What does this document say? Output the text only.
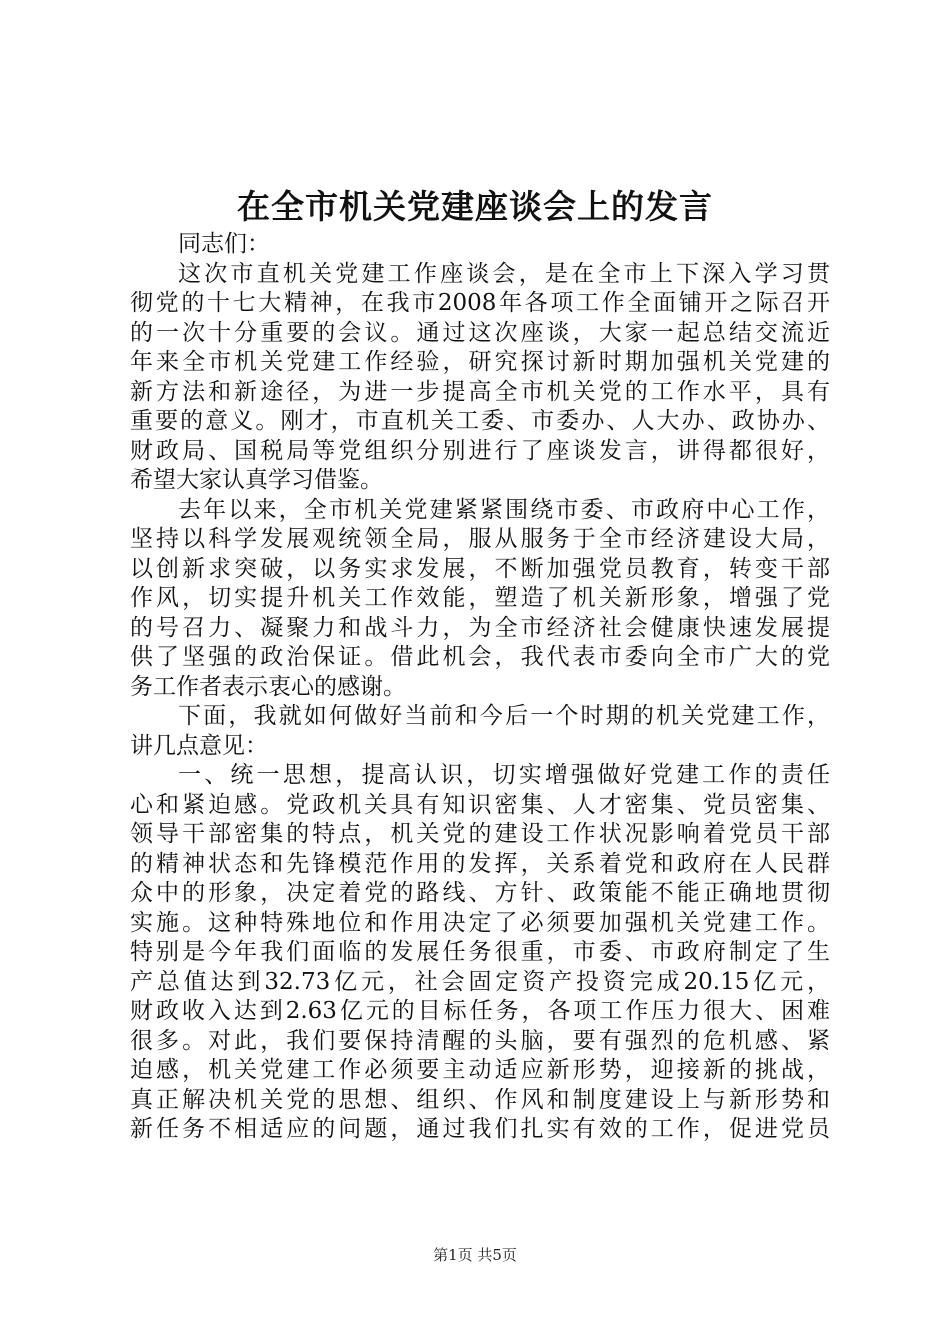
在全市机关党建座谈会上的发言
同志们：
这次市直机关党建工作座谈会，是在全市上下深入学习贯
彻党的十七大精神，在我市2008年各项工作全面铺开之际召开
的一次十分重要的会议。通过这次座谈，大家一起总结交流近
年来全市机关党建工作经验，研究探讨新时期加强机关党建的
新方法和新途径，为进一步提高全市机关党的工作水平，具有
重要的意义。刚才，市直机关工委、市委办、人大办、政协办、
财政局、国税局等党组织分别进行了座谈发言，讲得都很好，
希望大家认真学习借鉴。
去年以来，全市机关党建紧紧围绕市委、市政府中心工作，
坚持以科学发展观统领全局，服从服务于全市经济建设大局，
以创新求突破，以务实求发展，不断加强党员教育，转变干部
作风，切实提升机关工作效能，塑造了机关新形象，增强了党
的号召力、凝聚力和战斗力，为全市经济社会健康快速发展提
供了坚强的政治保证。借此机会，我代表市委向全市广大的党
务工作者表示衷心的感谢。
下面，我就如何做好当前和今后一个时期的机关党建工作，
讲几点意见：
一、统一思想，提高认识，切实增强做好党建工作的责任
心和紧迫感。党政机关具有知识密集、人才密集、党员密集、
领导干部密集的特点，机关党的建设工作状况影响着党员干部
的精神状态和先锋模范作用的发挥，关系着党和政府在人民群
众中的形象，决定着党的路线、方针、政策能不能正确地贯彻
实施。这种特殊地位和作用决定了必须要加强机关党建工作。
特别是今年我们面临的发展任务很重，市委、市政府制定了生
产总值达到32.73亿元，社会固定资产投资完成20.15亿元，
财政收入达到2.63亿元的目标任务，各项工作压力很大、困难
很多。对此，我们要保持清醒的头脑，要有强烈的危机感、紧
迫感，机关党建工作必须要主动适应新形势，迎接新的挑战，
真正解决机关党的思想、组织、作风和制度建设上与新形势和
新任务不相适应的问题，通过我们扎实有效的工作，促进党员
第1页 共5页
